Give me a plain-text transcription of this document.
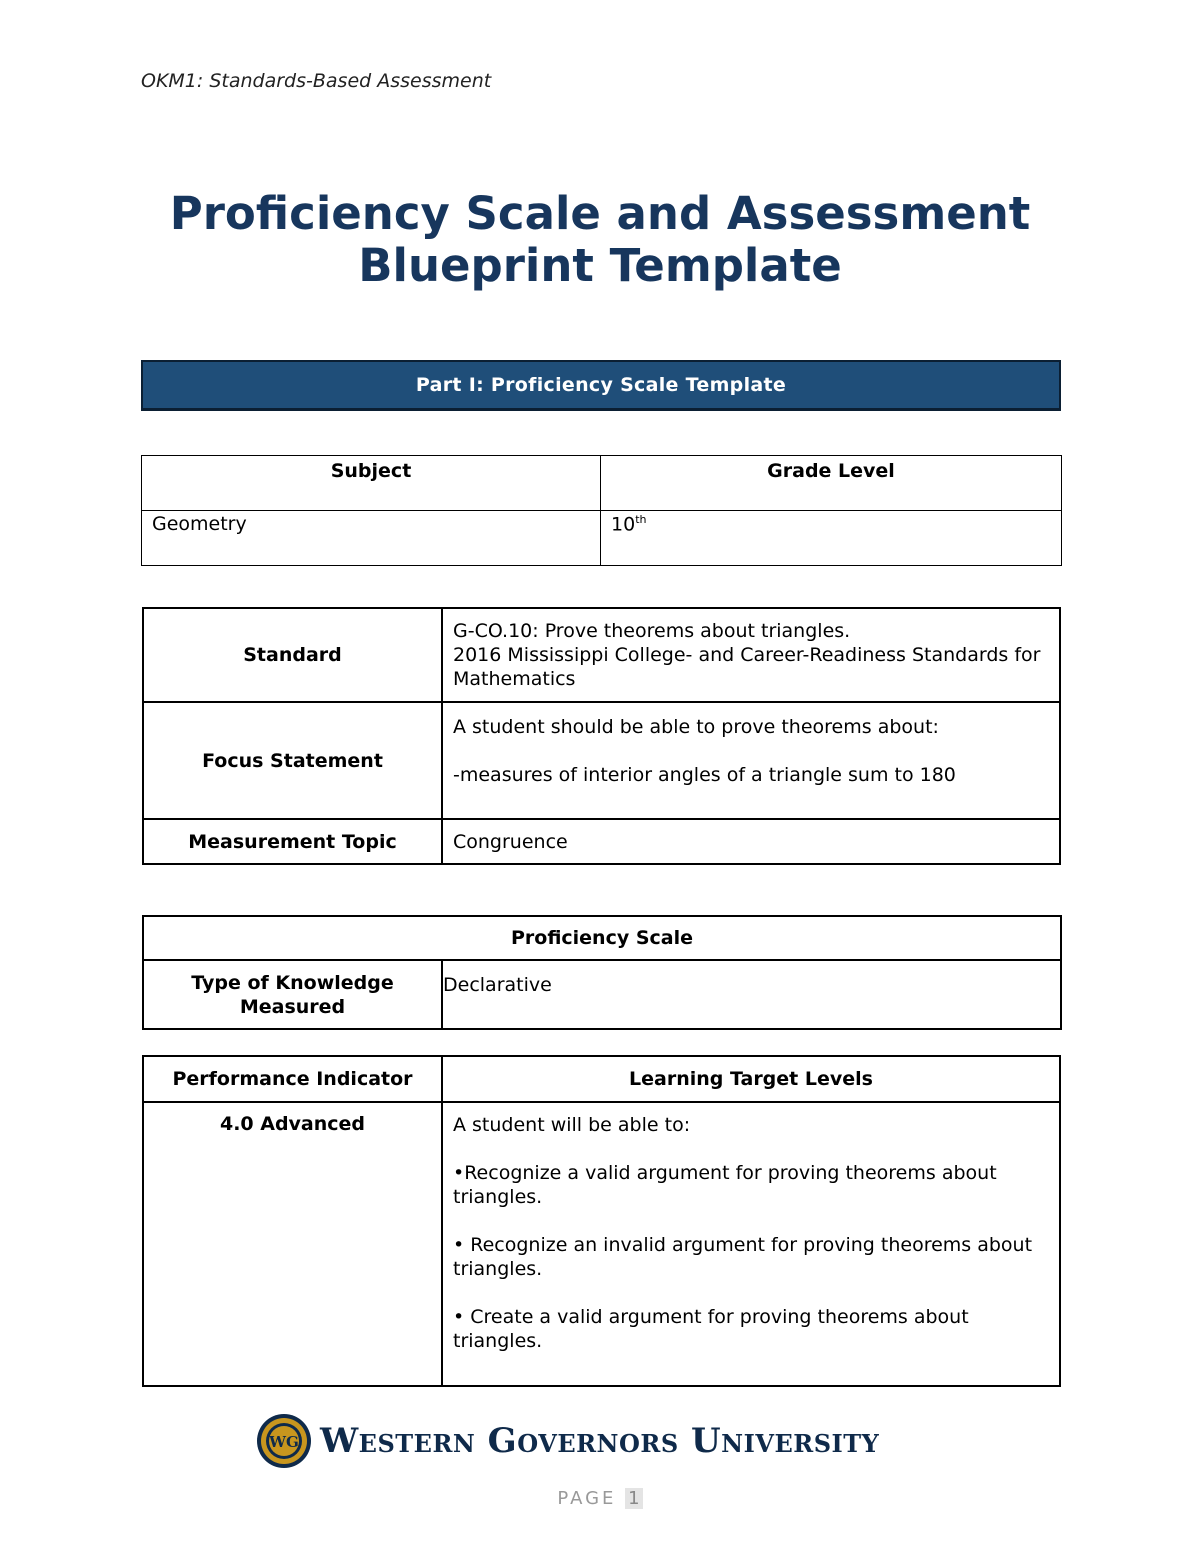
OKM1: Standards-Based Assessment
Proficiency Scale and Assessment
Blueprint Template
Part I: Proficiency Scale Template
Subject	Grade Level
Geometry	10th
Standard	G-CO.10: Prove theorems about triangles.
2016 Mississippi College- and Career-Readiness Standards for Mathematics

Focus Statement	A student should be able to prove theorems about:

-measures of interior angles of a triangle sum to 180

Measurement Topic	Congruence
Proficiency Scale
Type of Knowledge Measured	Declarative
Performance Indicator	Learning Target Levels
4.0 Advanced	A student will be able to:

•Recognize a valid argument for proving theorems about triangles.

• Recognize an invalid argument for proving theorems about triangles.

• Create a valid argument for proving theorems about triangles.

WG Western Governors University
PAGE 1
